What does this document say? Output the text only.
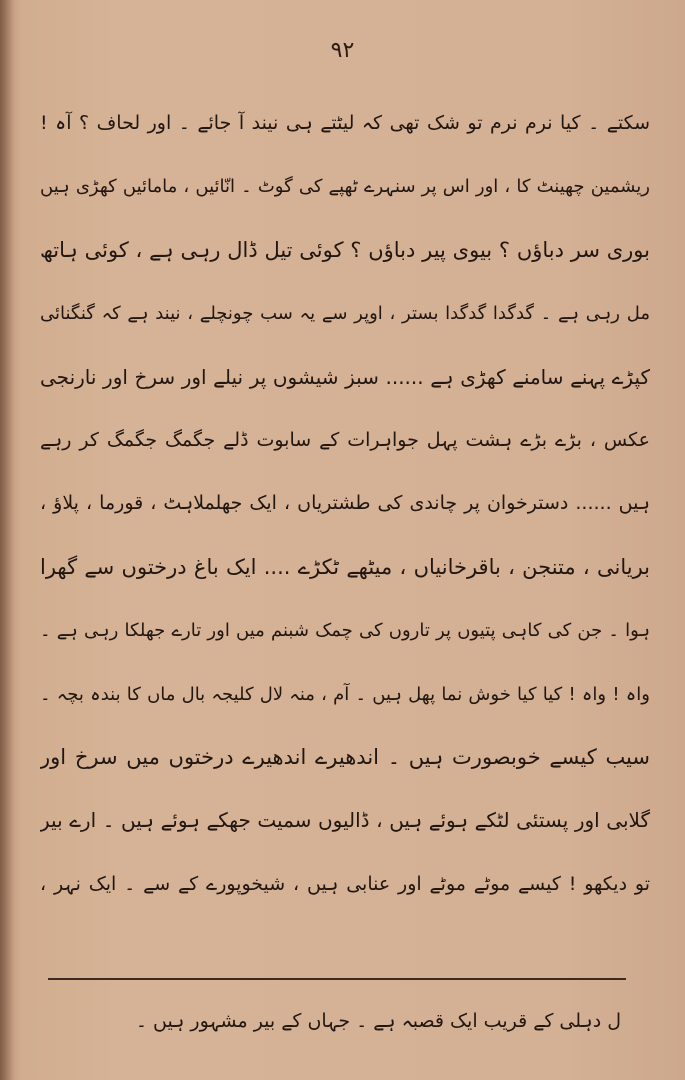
۹۲
سکتے ۔ کیا نرم نرم تو شک تھی کہ لیٹتے ہی نیند آ جائے ۔ اور لحاف ؟ آہ !
ریشمین چھینٹ کا ، اور اس پر سنہرے ٹھپے کی گوٹ ۔ انّائیں ، مامائیں کھڑی ہیں
بوری سر دباؤں ؟ بیوی پیر دباؤں ؟ کوئی تیل ڈال رہی ہے ، کوئی ہاتھ
مل رہی ہے ۔ گدگدا گدگدا بستر ، اوپر سے یہ سب چونچلے ، نیند ہے کہ گنگنائی
کپڑے پہنے سامنے کھڑی ہے ...... سبز شیشوں پر نیلے اور سرخ اور نارنجی
عکس ، بڑے بڑے ہشت پہل جواہرات کے سابوت ڈلے جگمگ جگمگ کر رہے
ہیں ...... دسترخوان پر چاندی کی طشتریاں ، ایک جھلملاہٹ ، قورما ، پلاؤ ،
بریانی ، متنجن ، باقرخانیاں ، میٹھے ٹکڑے .... ایک باغ درختوں سے گھرا
ہوا ۔ جن کی کاہی پتیوں پر تاروں کی چمک شبنم میں اور تارے جھلکا رہی ہے ۔
واہ ! واہ ! کیا کیا خوش نما پھل ہیں ۔ آم ، منہ لال کلیجہ بال ماں کا بندہ بچہ ۔
سیب کیسے خوبصورت ہیں ۔ اندھیرے اندھیرے درختوں میں سرخ اور
گلابی اور پستئی لٹکے ہوئے ہیں ، ڈالیوں سمیت جھکے ہوئے ہیں ۔ ارے بیر
تو دیکھو ! کیسے موٹے موٹے اور عنابی ہیں ، شیخوپورے کے سے ۔ ایک نہر ،
ل دہلی کے قریب ایک قصبہ ہے ۔ جہاں کے بیر مشہور ہیں ۔
